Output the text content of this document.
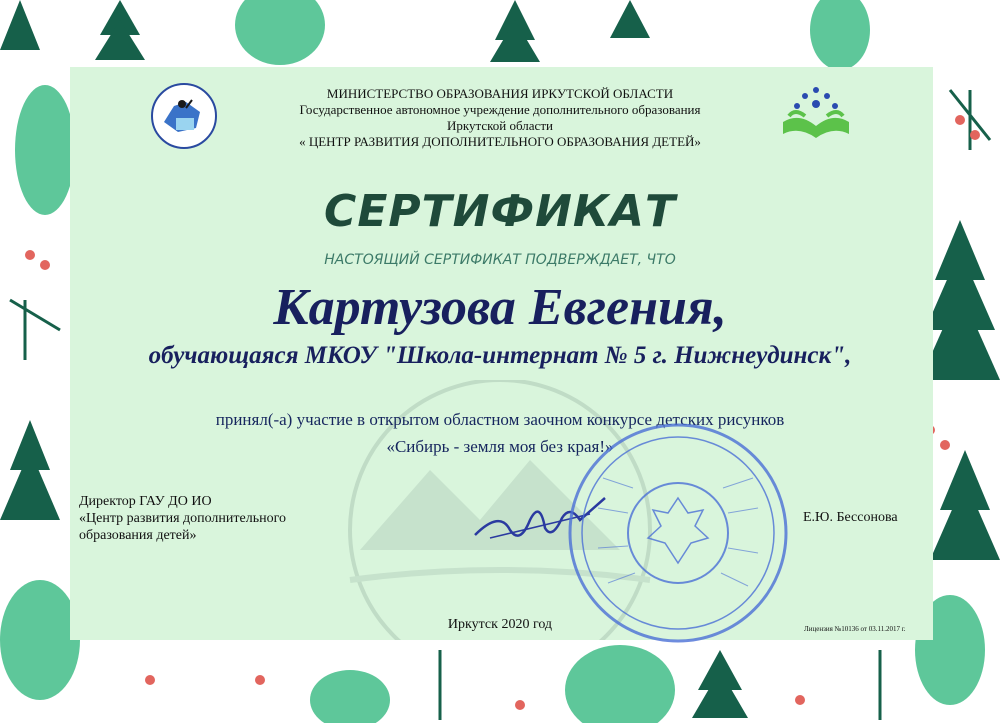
МИНИСТЕРСТВО ОБРАЗОВАНИЯ ИРКУТСКОЙ ОБЛАСТИ

Государственное автономное учреждение дополнительного образования

Иркутской области

« ЦЕНТР РАЗВИТИЯ ДОПОЛНИТЕЛЬНОГО ОБРАЗОВАНИЯ ДЕТЕЙ»

СЕРТИФИКАТ

НАСТОЯЩИЙ СЕРТИФИКАТ ПОДВЕРЖДАЕТ, ЧТО

Картузова Евгения,

обучающаяся МКОУ "Школа-интернат № 5 г. Нижнеудинск",

принял(-а) участие в открытом областном заочном конкурсе детских рисунков

«Сибирь - земля моя без края!»

Директор ГАУ ДО ИО

«Центр развития дополнительного

образования детей»

Е.Ю. Бессонова

Иркутск 2020 год	Лицензия №10136 от 03.11.2017 г.
